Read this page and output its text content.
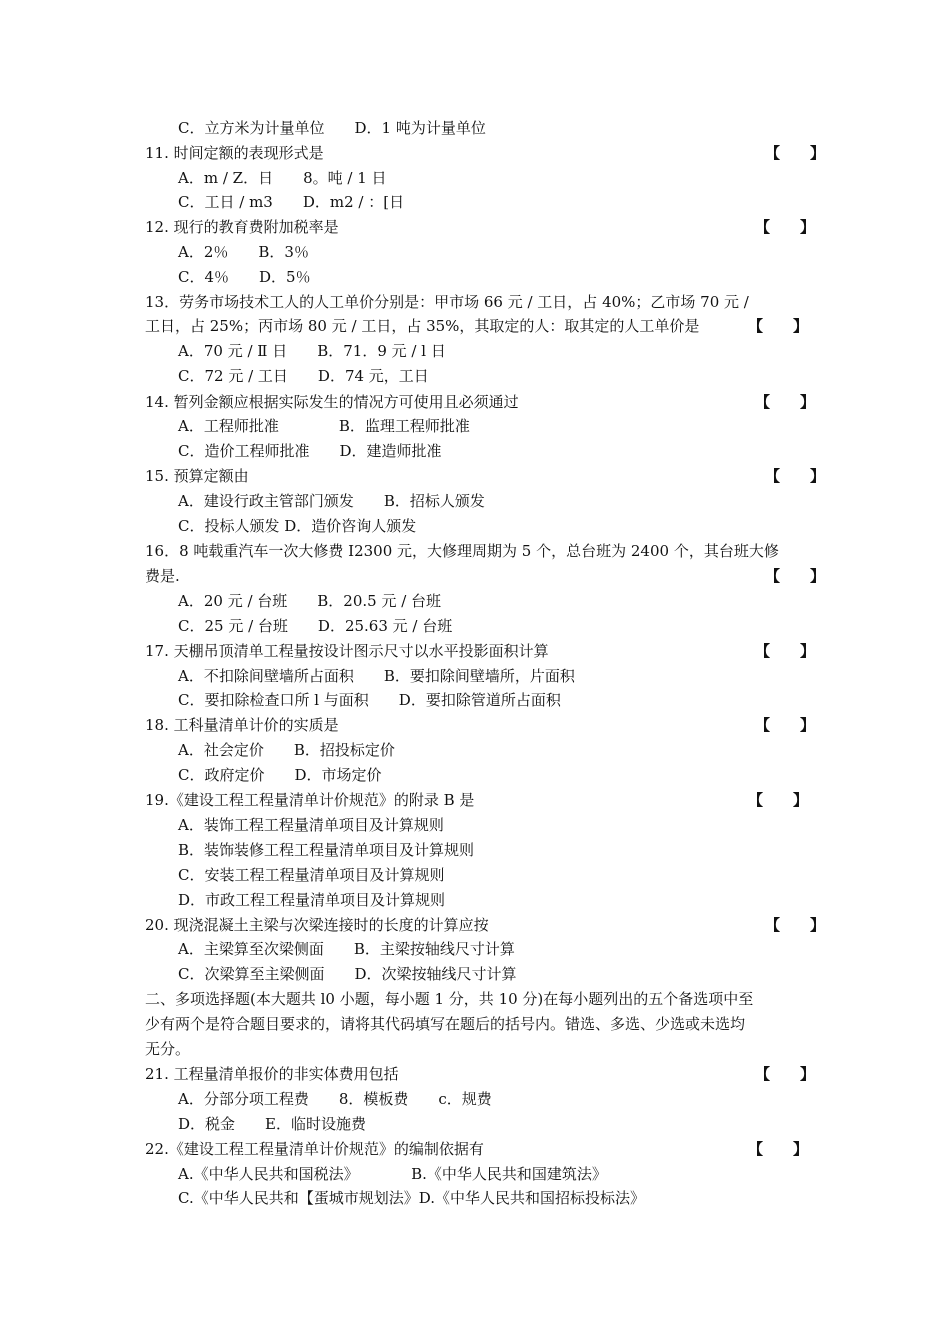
C．立方米为计量单位　　D．1 吨为计量单位
11. 时间定额的表现形式是	【　　】
A．m / Z．日　　8。吨 / 1 日
C．工日 / m3　　D．m2 / ：[日
12. 现行的教育费附加税率是	【　　】
A．2％　　B．3％
C．4％　　D．5％
13．劳务市场技术工人的人工单价分别是：甲市场 66 元 / 工日，占 40%；乙市场 70 元 /
工日，占 25%；丙市场 80 元 / 工日，占 35%，其取定的人：取其定的人工单价是	【　　】
A．70 元 / Ⅱ 日　　B．71．9 元 / l 日
C．72 元 / 工日　　D．74 元，工日
14. 暂列金额应根据实际发生的情况方可使用且必须通过	【　　】
A．工程师批准　　　　B．监理工程师批准
C．造价工程师批准　　D．建造师批准
15. 预算定额由	【　　】
A．建设行政主管部门颁发　　B．招标人颁发
C．投标人颁发 D．造价咨询人颁发
16．8 吨载重汽车一次大修费 I2300 元，大修理周期为 5 个，总台班为 2400 个，其台班大修
费是.	【　　】
A．20 元 / 台班　　B．20.5 元 / 台班
C．25 元 / 台班　　D．25.63 元 / 台班
17. 天棚吊顶清单工程量按设计图示尺寸以水平投影面积计算	【　　】
A．不扣除间壁墙所占面积　　B．要扣除间壁墙所，片面积
C．要扣除检查口所 l 与面积　　D．要扣除管道所占面积
18. 工科量清单计价的实质是	【　　】
A．社会定价　　B．招投标定价
C．政府定价　　D．市场定价
19.《建设工程工程量清单计价规范》的附录 B 是	【　　】
A．装饰工程工程量清单项目及计算规则
B．装饰装修工程工程量清单项目及计算规则
C．安装工程工程量清单项目及计算规则
D．市政工程工程量清单项目及计算规则
20. 现浇混凝土主梁与次梁连接时的长度的计算应按	【　　】
A．主梁算至次梁侧面　　B．主梁按轴线尺寸计算
C．次梁算至主梁侧面　　D．次梁按轴线尺寸计算
二、多项选择题(本大题共 l0 小题，每小题 1 分，共 10 分)在每小题列出的五个备选项中至
少有两个是符合题目要求的，请将其代码填写在题后的括号内。错选、多选、少选或未选均
无分。
21. 工程量清单报价的非实体费用包括	【　　】
A．分部分项工程费　　8．模板费　　c．规费
D．税金　　E．临时设施费
22.《建设工程工程量清单计价规范》的编制依据有	【　　】
A.《中华人民共和国税法》　　　　B.《中华人民共和国建筑法》
C.《中华人民共和【蛋城市规划法》D.《中华人民共和国招标投标法》
